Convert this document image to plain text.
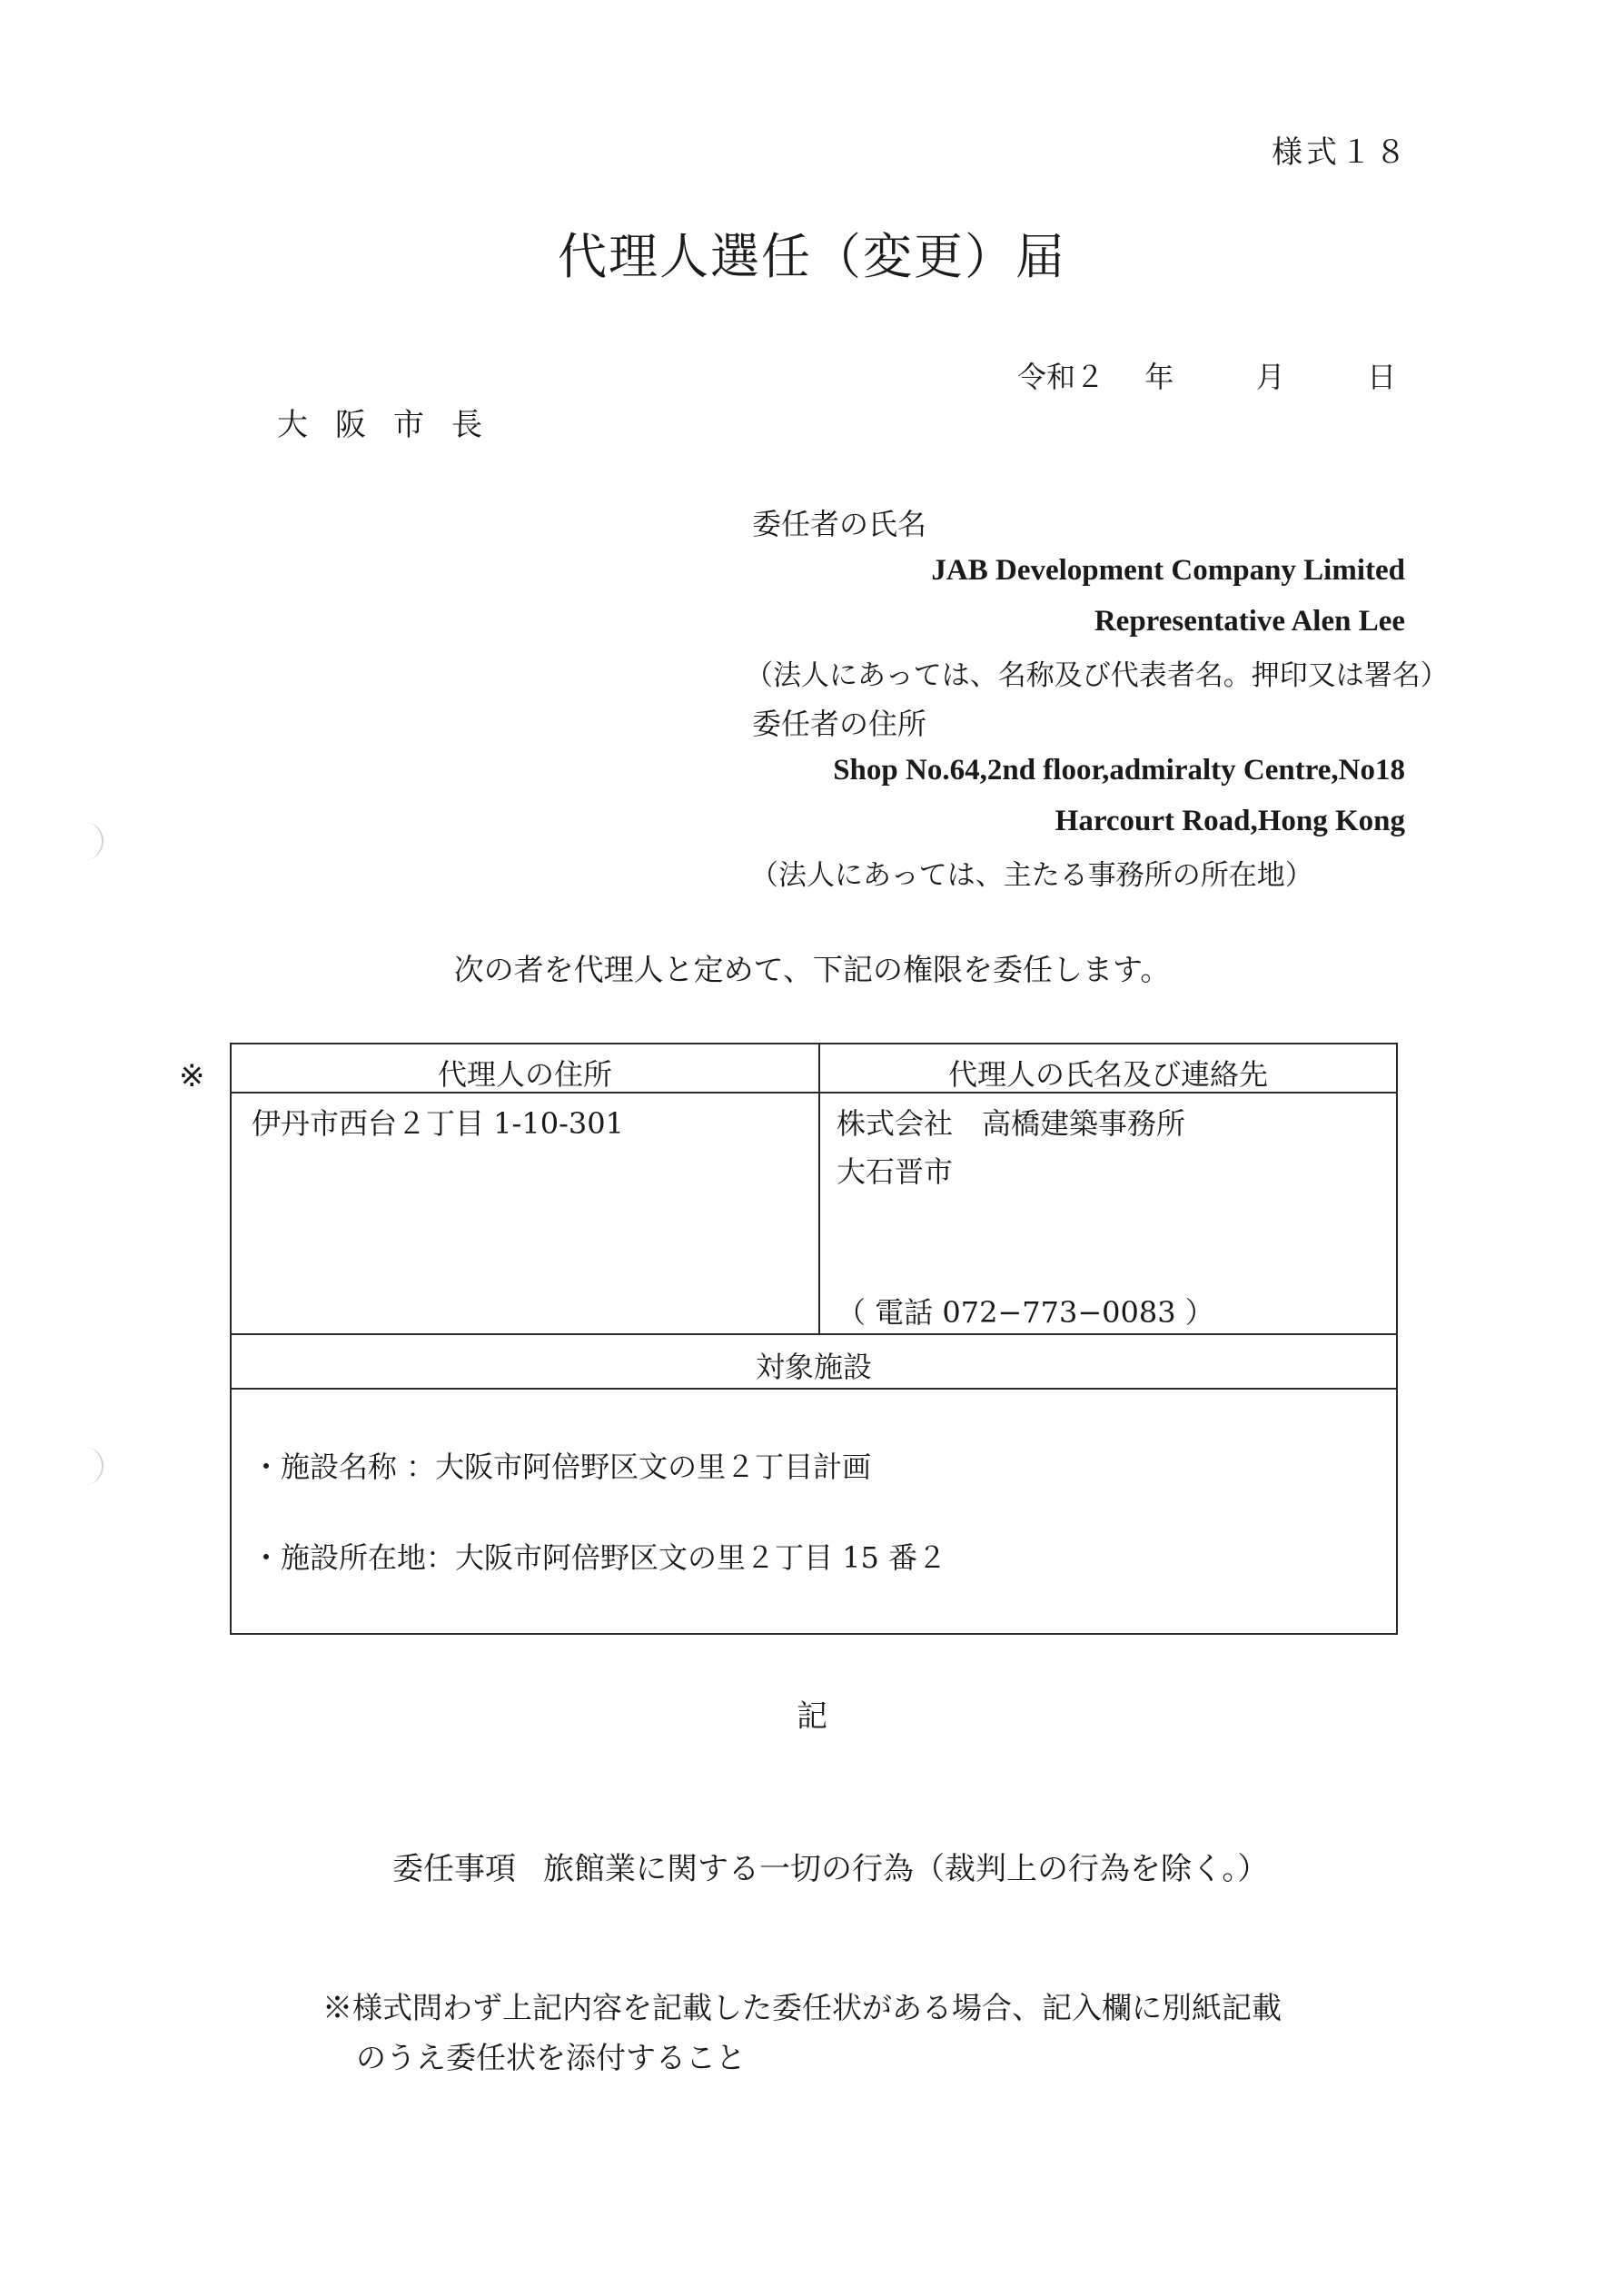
様式１８
代理人選任（変更）届
令和２ 年	月	日
大阪市長
委任者の氏名
JAB Development Company Limited
Representative Alen Lee
（法人にあっては、名称及び代表者名。押印又は署名）
委任者の住所
Shop No.64,2nd floor,admiralty Centre,No18
Harcourt Road,Hong Kong
（法人にあっては、主たる事務所の所在地）
次の者を代理人と定めて、下記の権限を委任します。
※	代理人の住所	代理人の氏名及び連絡先
伊丹市西台２丁目 1-10-301	株式会社　高橋建築事務所
大石晋市
（ 電話 072−773−0083 ）
対象施設
・施設名称 ：大阪市阿倍野区文の里２丁目計画
・施設所在地：大阪市阿倍野区文の里２丁目 15 番２
記
委任事項 旅館業に関する一切の行為（裁判上の行為を除く。）
※様式問わず上記内容を記載した委任状がある場合、記入欄に別紙記載
のうえ委任状を添付すること
